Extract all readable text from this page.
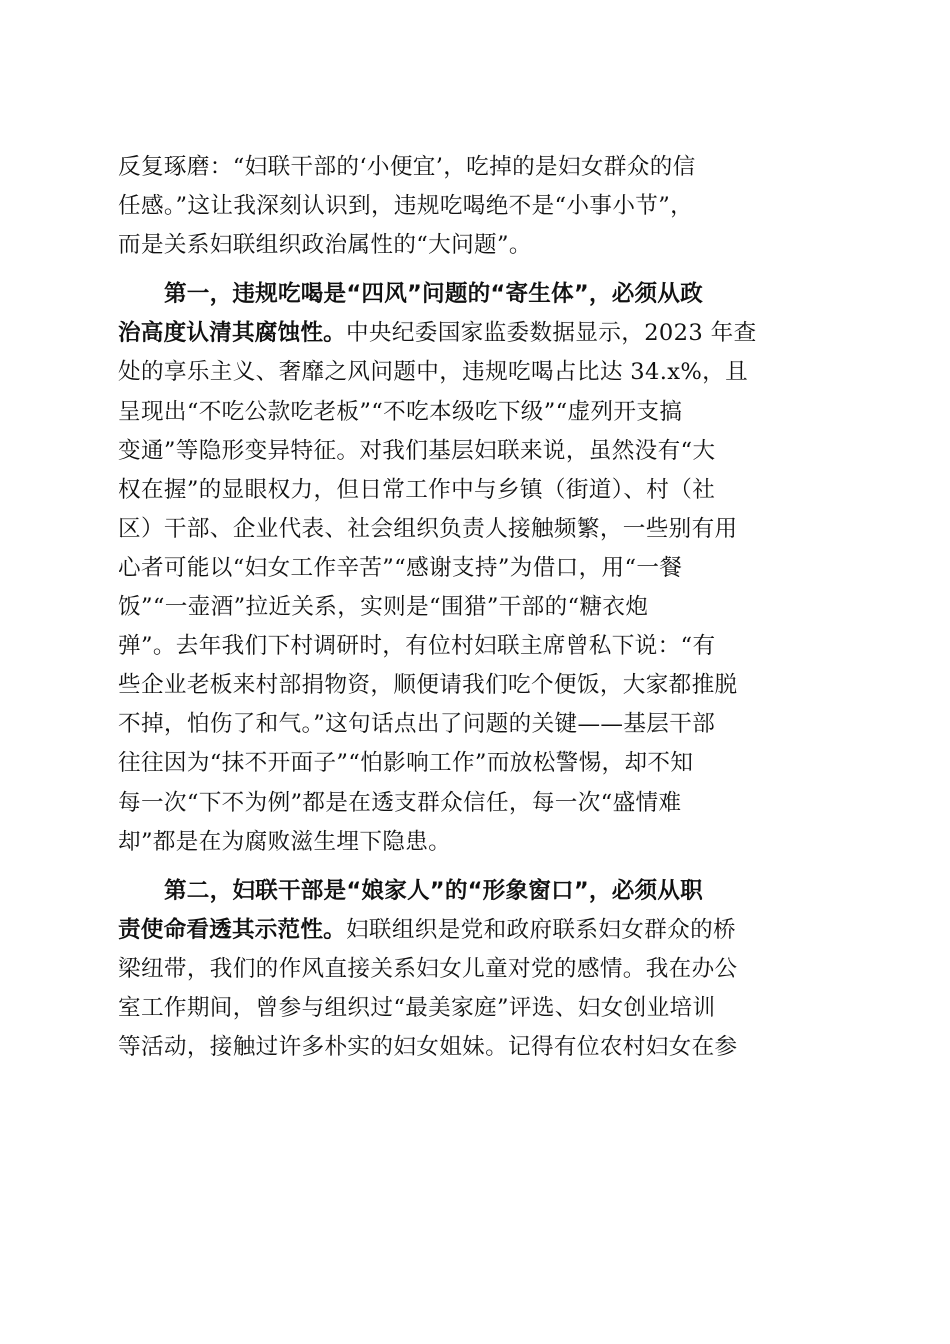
反复琢磨：“妇联干部的‘小便宜’，吃掉的是妇女群众的信
任感。”这让我深刻认识到，违规吃喝绝不是“小事小节”，
而是关系妇联组织政治属性的“大问题”。
第一，违规吃喝是“四风”问题的“寄生体”，必须从政
治高度认清其腐蚀性。中央纪委国家监委数据显示，2023 年查
处的享乐主义、奢靡之风问题中，违规吃喝占比达 34.x%，且
呈现出“不吃公款吃老板”“不吃本级吃下级”“虚列开支搞
变通”等隐形变异特征。对我们基层妇联来说，虽然没有“大
权在握”的显眼权力，但日常工作中与乡镇（街道）、村（社
区）干部、企业代表、社会组织负责人接触频繁，一些别有用
心者可能以“妇女工作辛苦”“感谢支持”为借口，用“一餐
饭”“一壶酒”拉近关系，实则是“围猎”干部的“糖衣炮
弹”。去年我们下村调研时，有位村妇联主席曾私下说：“有
些企业老板来村部捐物资，顺便请我们吃个便饭，大家都推脱
不掉，怕伤了和气。”这句话点出了问题的关键——基层干部
往往因为“抹不开面子”“怕影响工作”而放松警惕，却不知
每一次“下不为例”都是在透支群众信任，每一次“盛情难
却”都是在为腐败滋生埋下隐患。
第二，妇联干部是“娘家人”的“形象窗口”，必须从职
责使命看透其示范性。妇联组织是党和政府联系妇女群众的桥
梁纽带，我们的作风直接关系妇女儿童对党的感情。我在办公
室工作期间，曾参与组织过“最美家庭”评选、妇女创业培训
等活动，接触过许多朴实的妇女姐妹。记得有位农村妇女在参
